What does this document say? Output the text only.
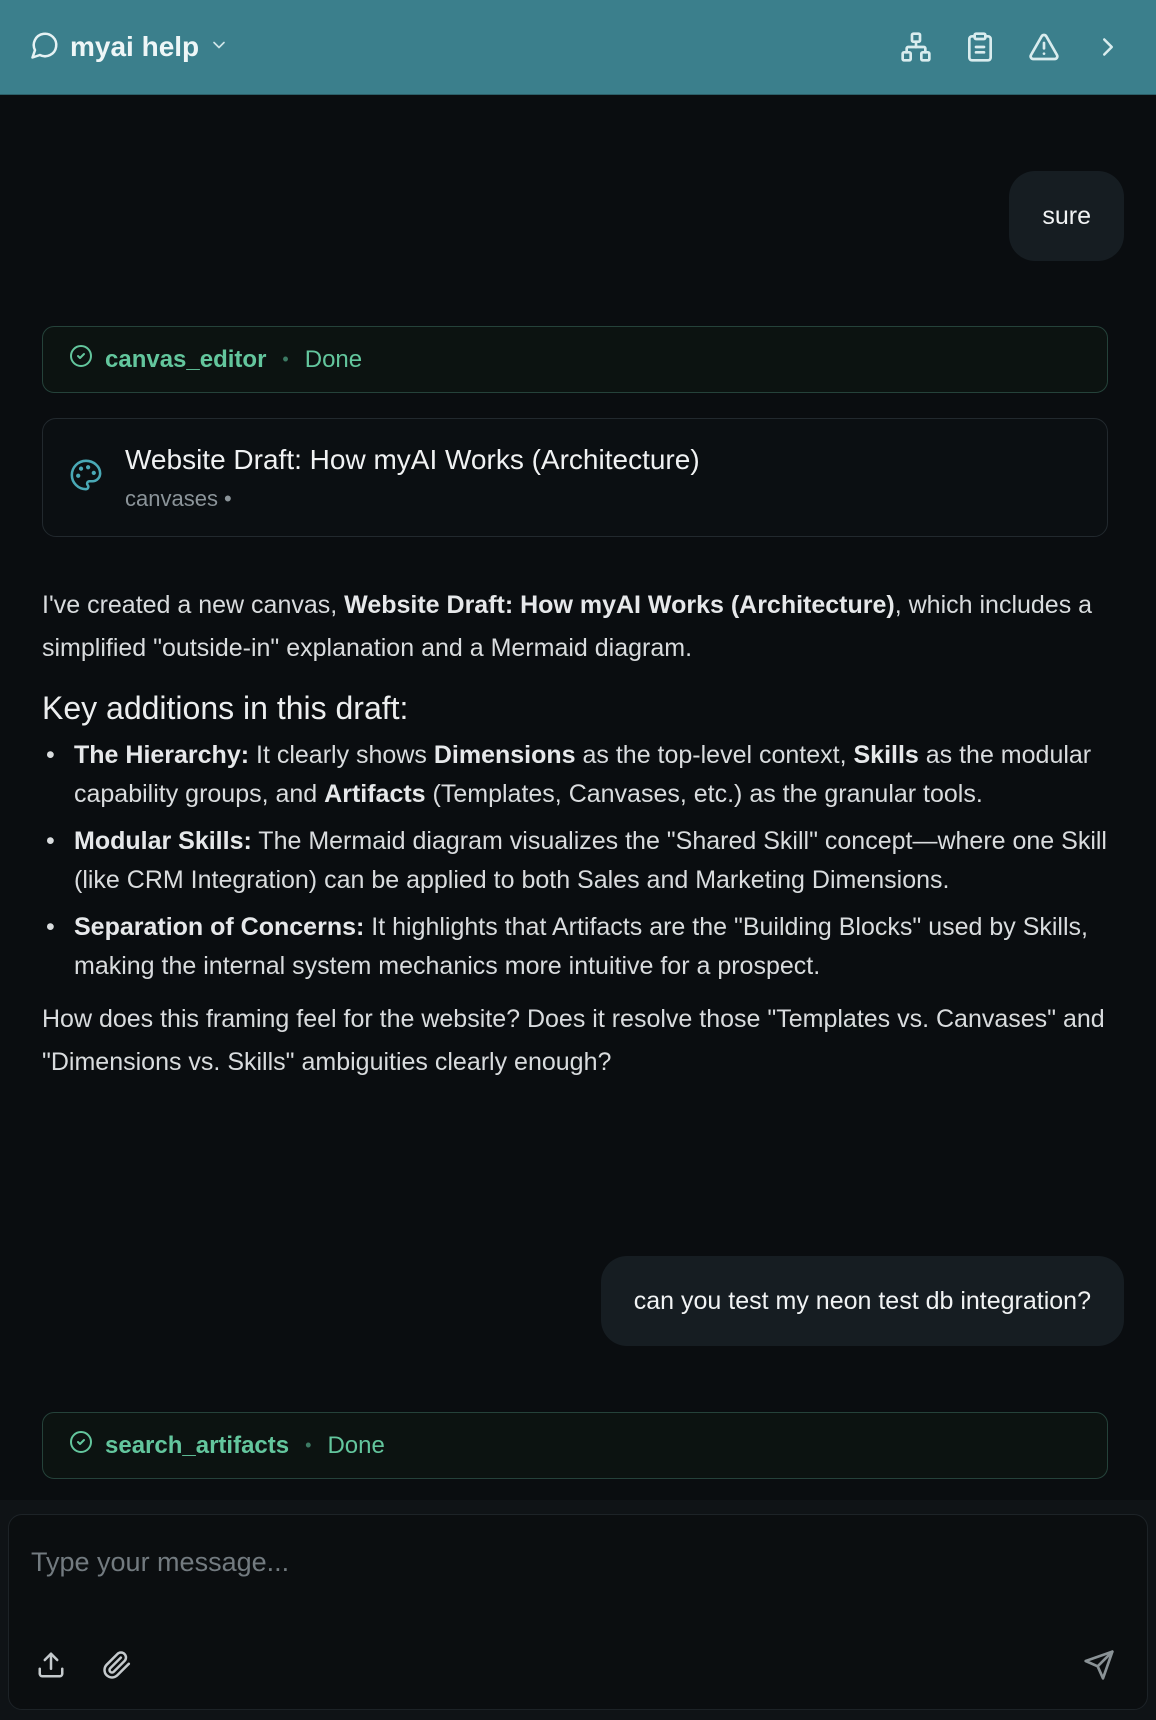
myai help
sure
canvas_editor • Done
Website Draft: How myAI Works (Architecture)
canvases •

I've created a new canvas, Website Draft: How myAI Works (Architecture), which includes a simplified "outside-in" explanation and a Mermaid diagram.

Key additions in this draft:
• The Hierarchy: It clearly shows Dimensions as the top-level context, Skills as the modular capability groups, and Artifacts (Templates, Canvases, etc.) as the granular tools.
• Modular Skills: The Mermaid diagram visualizes the "Shared Skill" concept—where one Skill (like CRM Integration) can be applied to both Sales and Marketing Dimensions.
• Separation of Concerns: It highlights that Artifacts are the "Building Blocks" used by Skills, making the internal system mechanics more intuitive for a prospect.

How does this framing feel for the website? Does it resolve those "Templates vs. Canvases" and "Dimensions vs. Skills" ambiguities clearly enough?

can you test my neon test db integration?
search_artifacts • Done
Type your message...
